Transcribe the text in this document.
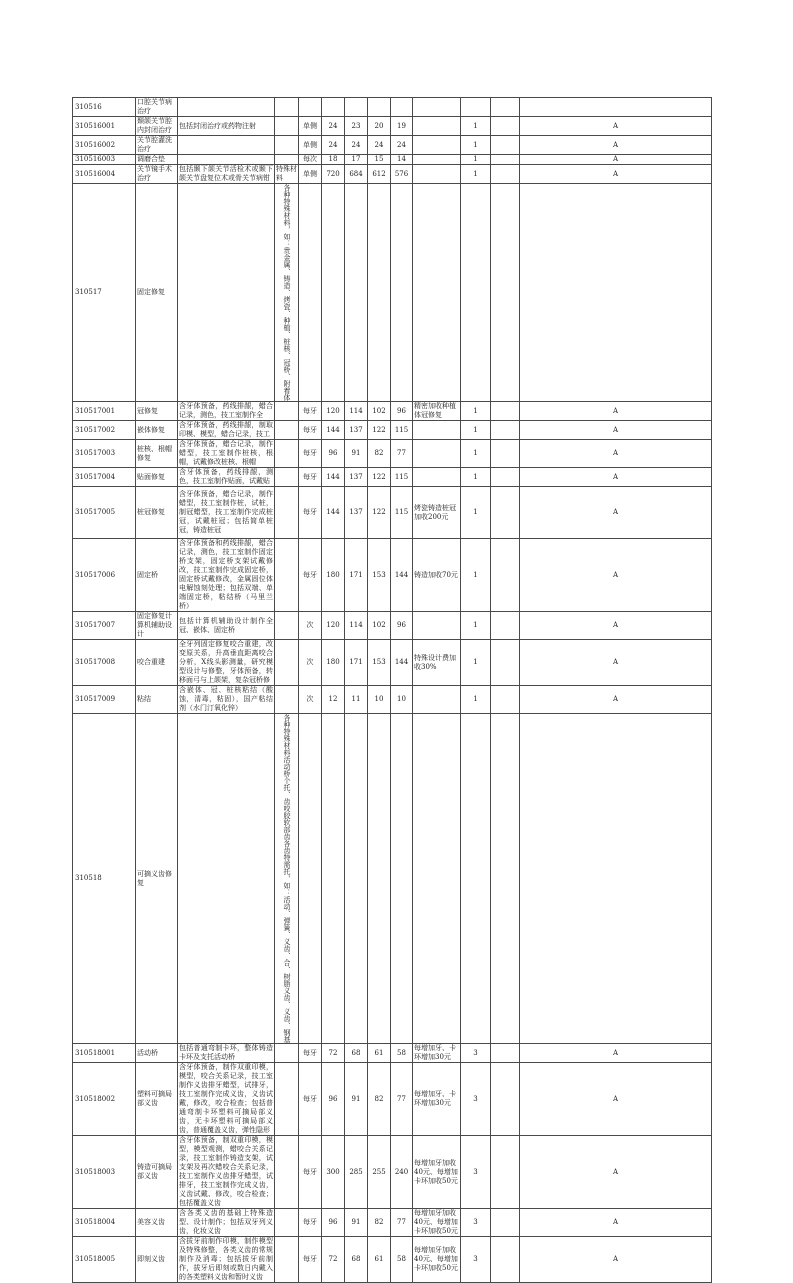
310516	口腔关节病治疗											
310516001	颞颌关节腔内封闭治疗	包括封闭治疗或药物注射		单侧	24	23	20	19		1		A
310516002	关节腔灌洗治疗			单侧	24	24	24	24		1		A
310516003	调磨合垫			每次	18	17	15	14		1		A
310516004	关节镜手术治疗	包括颞下颌关节活检术或颞下颌关节盘复位术或骨关节病钳	特殊材料	单侧	720	684	612	576		1		A
310517	固定修复		各种特殊材料，如：贵金属、铸造、烤瓷、种植、桩核、冠桥、附着体									
310517001	冠修复	含牙体预备，药线排龈，蜡合记录，测色，技工室制作全		每牙	120	114	102	96	精密加收种植体冠修复	1		A
310517002	嵌体修复	含牙体预备，药线排龈，制取印模、模型，蜡合记录，技工		每牙	144	137	122	115		1		A
310517003	桩核、根帽修复	含牙体预备，蜡合记录，制作蜡型，技工室制作桩核，根帽，试戴修改桩核、根帽		每牙	96	91	82	77		1		A
310517004	贴面修复	含牙体预备，药线排龈，测色，技工室制作贴面，试戴贴		每牙	144	137	122	115		1		A
310517005	桩冠修复	含牙体预备，蜡合记录，制作蜡型，技工室制作桩，试桩，制冠蜡型，技工室制作完成桩冠，试戴桩冠；包括简单桩冠，铸造桩冠		每牙	144	137	122	115	烤瓷铸造桩冠加收200元	1		A
310517006	固定桥	含牙体预备和药线排龈，蜡合记录，测色，技工室制作固定桥支架，固定桥支架试戴修改，技工室制作完成固定桥，固定桥试戴修改，金属固位体电解蚀刻处理；包括双端、单端固定桥，粘结桥（马里兰桥）		每牙	180	171	153	144	铸造加收70元	1		A
310517007	固定修复计算机辅助设计	包括计算机辅助设计制作全冠、嵌体、固定桥		次	120	114	102	96		1		A
310517008	咬合重建	全牙列固定修复咬合重建，改变原关系，升高垂直距离咬合分析，X线头影测量，研究模型设计与修整，牙体预备，转移面弓与上颌架，复杂冠桥修		次	180	171	153	144	特殊设计费加收30%	1		A
310517009	粘结	含嵌体、冠、桩核粘结（酸蚀，清毒，粘固），国产粘结剂（水门汀氧化锌）		次	12	11	10	10		1		A
310518	可摘义齿修复		各种特殊材料活动桥个托、齿咬胶软部齿各齿特需托，如：活动、弹簧、义齿、合、树脂义齿、义齿、钢基									
310518001	活动桥	包括普通弯制卡环，整体铸造卡环及支托活动桥		每牙	72	68	61	58	每增加牙、卡环增加30元	3		A
310518002	塑料可摘局部义齿	含牙体预备，制作双重印模，模型，咬合关系记录，技工室制作义齿排牙蜡型，试排牙，技工室制作完成义齿，义齿试戴，修改，咬合检查；包括普通弯制卡环塑料可摘局部义齿，无卡环塑料可摘局部义齿，普通覆盖义齿，弹性隐形		每牙	96	91	82	77	每增加牙、卡环增加30元	3		A
310518003	铸造可摘局部义齿	含牙体预备，制双重印模，模型，模型观测，蜡咬合关系记录，技工室制作铸造支架，试支架及再次蜡咬合关系记录，技工室制作义齿排牙蜡型，试排牙，技工室制作完成义齿，义齿试戴、修改，咬合检查；包括覆盖义齿		每牙	300	285	255	240	每增加牙加收40元、每增加卡环加收50元	3		A
310518004	美容义齿	含各类义齿的基础上特殊造型、设计制作；包括双牙列义齿，化妆义齿		每牙	96	91	82	77	每增加牙加收40元、每增加卡环加收50元	3		A
310518005	即刻义齿	含拔牙前制作印模，制作模型及特殊修整，各类义齿的常规制作及消毒；包括拔牙前制作，拔牙后即刻或数日内戴入的各类塑料义齿和暂时义齿		每牙	72	68	61	58	每增加牙加收40元、每增加卡环加收50元	3		A
